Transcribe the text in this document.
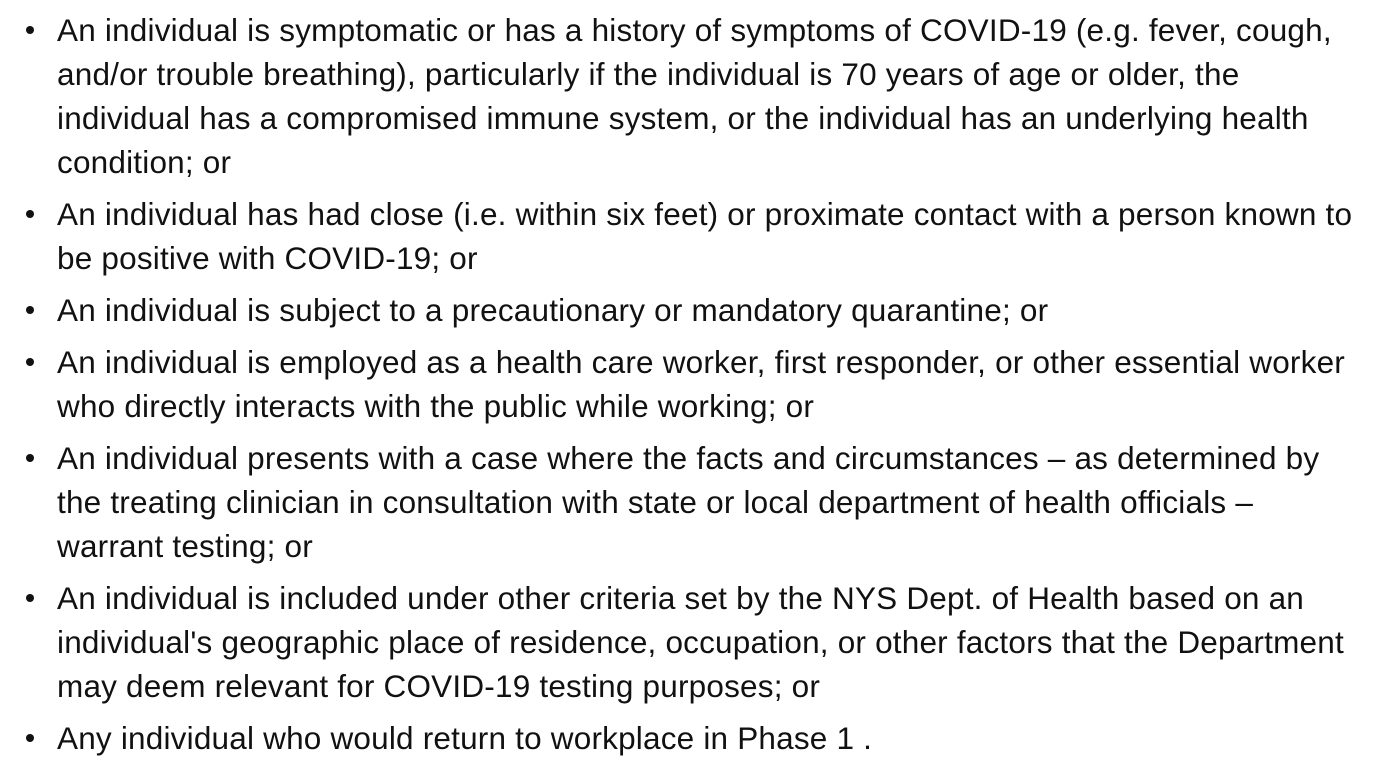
An individual is symptomatic or has a history of symptoms of COVID-19 (e.g. fever, cough, and/or trouble breathing), particularly if the individual is 70 years of age or older, the individual has a compromised immune system, or the individual has an underlying health condition; or
An individual has had close (i.e. within six feet) or proximate contact with a person known to be positive with COVID-19; or
An individual is subject to a precautionary or mandatory quarantine; or
An individual is employed as a health care worker, first responder, or other essential worker who directly interacts with the public while working; or
An individual presents with a case where the facts and circumstances – as determined by the treating clinician in consultation with state or local department of health officials – warrant testing; or
An individual is included under other criteria set by the NYS Dept. of Health based on an individual's geographic place of residence, occupation, or other factors that the Department may deem relevant for COVID-19 testing purposes; or
Any individual who would return to workplace in Phase 1 .
